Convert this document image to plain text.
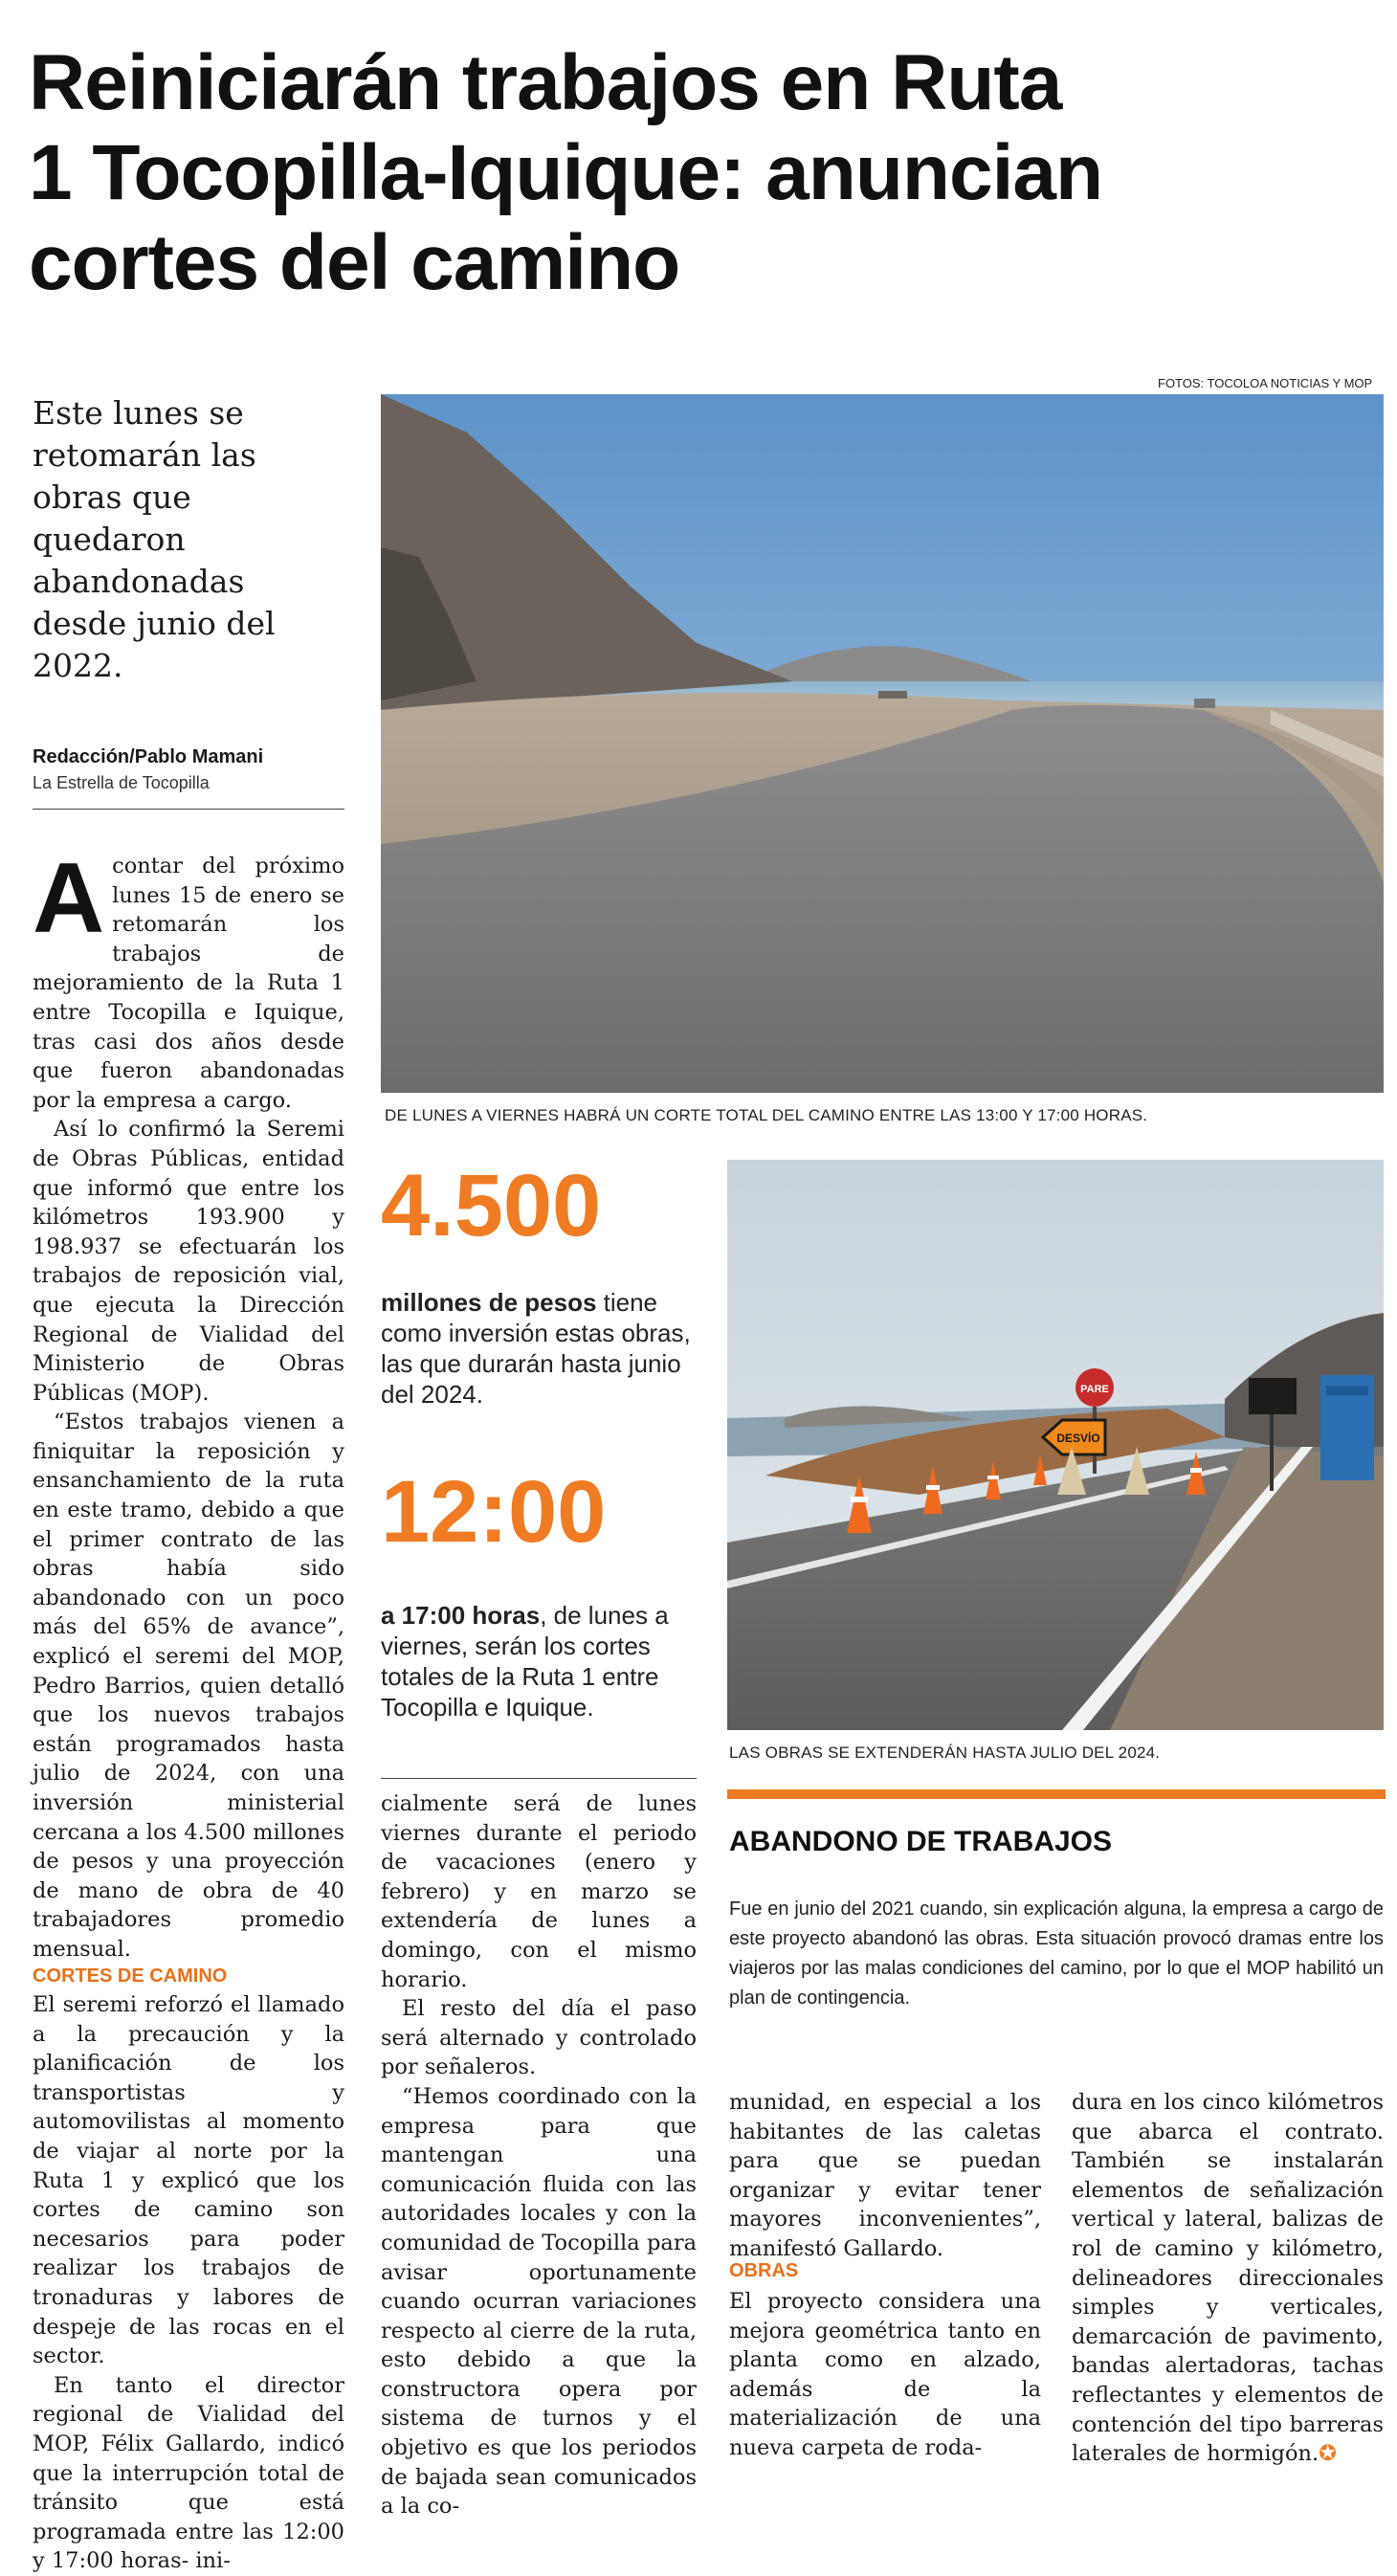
Reiniciarán trabajos en Ruta
1 Tocopilla-Iquique: anuncian
cortes del camino
FOTOS: TOCOLOA NOTICIAS Y MOP
Este lunes se retomarán las obras que quedaron abandonadas desde junio del 2022.
Redacción/Pablo Mamani
La Estrella de Tocopilla
DE LUNES A VIERNES HABRÁ UN CORTE TOTAL DEL CAMINO ENTRE LAS 13:00 Y 17:00 HORAS.

Acontar del próximo lunes 15 de enero se retomarán los trabajos de mejoramiento de la Ruta 1 entre Tocopilla e Iquique, tras casi dos años desde que fueron abandonadas por la empresa a cargo.

Así lo confirmó la Seremi de Obras Públicas, entidad que informó que entre los kilómetros 193.900 y 198.937 se efectuarán los trabajos de reposición vial, que ejecuta la Dirección Regional de Vialidad del Ministerio de Obras Públicas (MOP).

“Estos trabajos vienen a finiquitar la reposición y ensanchamiento de la ruta en este tramo, debido a que el primer contrato de las obras había sido abandonado con un poco más del 65% de avance”, explicó el seremi del MOP, Pedro Barrios, quien detalló que los nuevos trabajos están programados hasta julio de 2024, con una inversión ministerial cercana a los 4.500 millones de pesos y una proyección de mano de obra de 40 trabajadores promedio mensual.

CORTES DE CAMINO

El seremi reforzó el llamado a la precaución y la planificación de los transportistas y automovilistas al momento de viajar al norte por la Ruta 1 y explicó que los cortes de camino son necesarios para poder realizar los trabajos de tronaduras y labores de despeje de las rocas en el sector.

En tanto el director regional de Vialidad del MOP, Félix Gallardo, indicó que la interrupción total de tránsito que está programada entre las 12:00 y 17:00 horas- ini-

4.500
millones de pesos tiene como inversión estas obras, las que durarán hasta junio del 2024.
12:00
a 17:00 horas, de lunes a viernes, serán los cortes totales de la Ruta 1 entre Tocopilla e Iquique.
PARE
DESVÍO
LAS OBRAS SE EXTENDERÁN HASTA JULIO DEL 2024.

cialmente será de lunes viernes durante el periodo de vacaciones (enero y febrero) y en marzo se extendería de lunes a domingo, con el mismo horario.

El resto del día el paso será alternado y controlado por señaleros.

“Hemos coordinado con la empresa para que mantengan una comunicación fluida con las autoridades locales y con la comunidad de Tocopilla para avisar oportunamente cuando ocurran variaciones respecto al cierre de la ruta, esto debido a que la constructora opera por sistema de turnos y el objetivo es que los periodos de bajada sean comunicados a la co-

ABANDONO DE TRABAJOS
Fue en junio del 2021 cuando, sin explicación alguna, la empresa a cargo de este proyecto abandonó las obras. Esta situación provocó dramas entre los viajeros por las malas condiciones del camino, por lo que el MOP habilitó un plan de contingencia.

munidad, en especial a los habitantes de las caletas para que se puedan organizar y evitar tener mayores inconvenientes”, manifestó Gallardo.

OBRAS

El proyecto considera una mejora geométrica tanto en planta como en alzado, además de la materialización de una nueva carpeta de roda-

dura en los cinco kilómetros que abarca el contrato. También se instalarán elementos de señalización vertical y lateral, balizas de rol de camino y kilómetro, delineadores direccionales simples y verticales, demarcación de pavimento, bandas alertadoras, tachas reflectantes y elementos de contención del tipo barreras laterales de hormigón.✪
